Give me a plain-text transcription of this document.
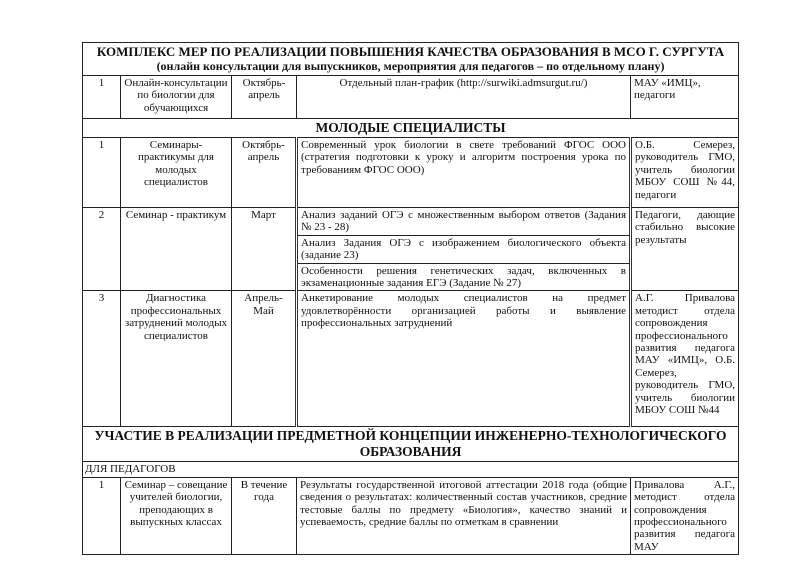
КОМПЛЕКС МЕР ПО РЕАЛИЗАЦИИ ПОВЫШЕНИЯ КАЧЕСТВА ОБРАЗОВАНИЯ В МСО Г. СУРГУТА
(онлайн консультации для выпускников, мероприятия для педагогов – по отдельному плану)				

1	Онлайн-консультации по биологии для обучающихся	Октябрь-апрель	Отдельный план-график (http://surwiki.admsurgut.ru/)	МАУ «ИМЦ», педагоги
МОЛОДЫЕ СПЕЦИАЛИСТЫ				
1	Семинары-практикумы для молодых специалистов	Октябрь-апрель	Современный урок биологии в свете требований ФГОС ООО (стратегия подготовки к уроку и алгоритм построения урока по требованиям ФГОС ООО)	О.Б. Семерез, руководитель ГМО, учитель биологии МБОУ СОШ №44, педагоги
2	Семинар - практикум	Март	Анализ заданий ОГЭ с множественным выбором ответов (Задания № 23 - 28)	Педагоги, дающие стабильно высокие результаты
			Анализ Задания ОГЭ с изображением биологического объекта (задание 23)	
			Особенности решения генетических задач, включенных в экзаменационные задания ЕГЭ (Задание № 27)	
3	Диагностика профессиональных затруднений молодых специалистов	Апрель-Май	Анкетирование молодых специалистов на предмет удовлетворённости организацией работы и выявление профессиональных затруднений	А.Г. Привалова методист отдела сопровождения профессионального развития педагога МАУ «ИМЦ», О.Б. Семерез, руководитель ГМО, учитель биологии МБОУ СОШ №44
УЧАСТИЕ В РЕАЛИЗАЦИИ ПРЕДМЕТНОЙ КОНЦЕПЦИИ ИНЖЕНЕРНО-ТЕХНОЛОГИЧЕСКОГО ОБРАЗОВАНИЯ				
ДЛЯ ПЕДАГОГОВ				
1	Семинар – совещание учителей биологии, преподающих в выпускных классах	В течение года	Результаты государственной итоговой аттестации 2018 года (общие сведения о результатах: количественный состав участников, средние тестовые баллы по предмету «Биология», качество знаний и успеваемость, средние баллы по отметкам в сравнении	Привалова А.Г., методист отдела сопровождения профессионального развития педагога МАУ
